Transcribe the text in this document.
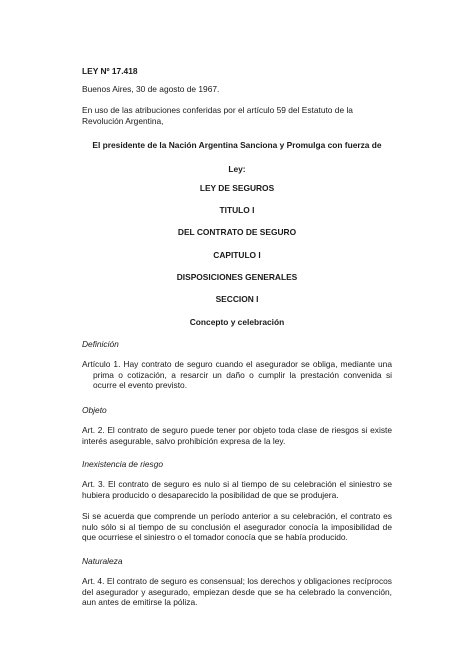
LEY Nº 17.418

Buenos Aires, 30 de agosto de 1967.

En uso de las atribuciones conferidas por el artículo 59 del Estatuto de la Revolución Argentina,

El presidente de la Nación Argentina Sanciona y Promulga con fuerza de

Ley:

LEY DE SEGUROS

TITULO I

DEL CONTRATO DE SEGURO

CAPITULO I

DISPOSICIONES GENERALES

SECCION I

Concepto y celebración

Definición

Artículo 1. Hay contrato de seguro cuando el asegurador se obliga, mediante una prima o cotización, a resarcir un daño o cumplir la prestación convenida si ocurre el evento previsto.

Objeto

Art. 2. El contrato de seguro puede tener por objeto toda clase de riesgos si existe interés asegurable, salvo prohibición expresa de la ley.

Inexistencia de riesgo

Art. 3. El contrato de seguro es nulo si al tiempo de su celebración el siniestro se hubiera producido o desaparecido la posibilidad de que se produjera.

Si se acuerda que comprende un período anterior a su celebración, el contrato es nulo sólo si al tiempo de su conclusión el asegurador conocía la imposibilidad de que ocurriese el siniestro o el tomador conocía que se había producido.

Naturaleza

Art. 4. El contrato de seguro es consensual; los derechos y obligaciones recíprocos del asegurador y asegurado, empiezan desde que se ha celebrado la convención, aun antes de emitirse la póliza.
